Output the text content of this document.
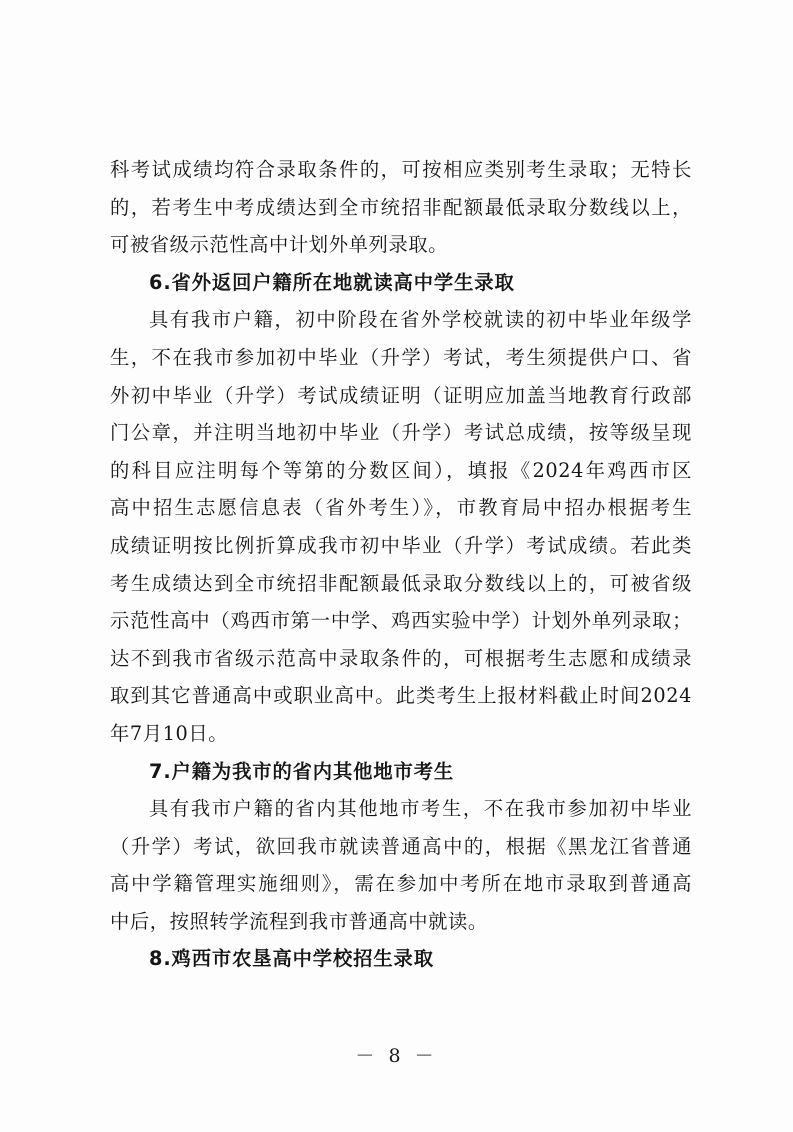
科考试成绩均符合录取条件的，可按相应类别考生录取；无特长
的，若考生中考成绩达到全市统招非配额最低录取分数线以上，
可被省级示范性高中计划外单列录取。
6.省外返回户籍所在地就读高中学生录取
具有我市户籍，初中阶段在省外学校就读的初中毕业年级学
生，不在我市参加初中毕业（升学）考试，考生须提供户口、省
外初中毕业（升学）考试成绩证明（证明应加盖当地教育行政部
门公章，并注明当地初中毕业（升学）考试总成绩，按等级呈现
的科目应注明每个等第的分数区间），填报《2024年鸡西市区
高中招生志愿信息表（省外考生）》，市教育局中招办根据考生
成绩证明按比例折算成我市初中毕业（升学）考试成绩。若此类
考生成绩达到全市统招非配额最低录取分数线以上的，可被省级
示范性高中（鸡西市第一中学、鸡西实验中学）计划外单列录取；
达不到我市省级示范高中录取条件的，可根据考生志愿和成绩录
取到其它普通高中或职业高中。此类考生上报材料截止时间2024
年7月10日。
7.户籍为我市的省内其他地市考生
具有我市户籍的省内其他地市考生，不在我市参加初中毕业
（升学）考试，欲回我市就读普通高中的，根据《黑龙江省普通
高中学籍管理实施细则》，需在参加中考所在地市录取到普通高
中后，按照转学流程到我市普通高中就读。
8.鸡西市农垦高中学校招生录取
－ 8 －
